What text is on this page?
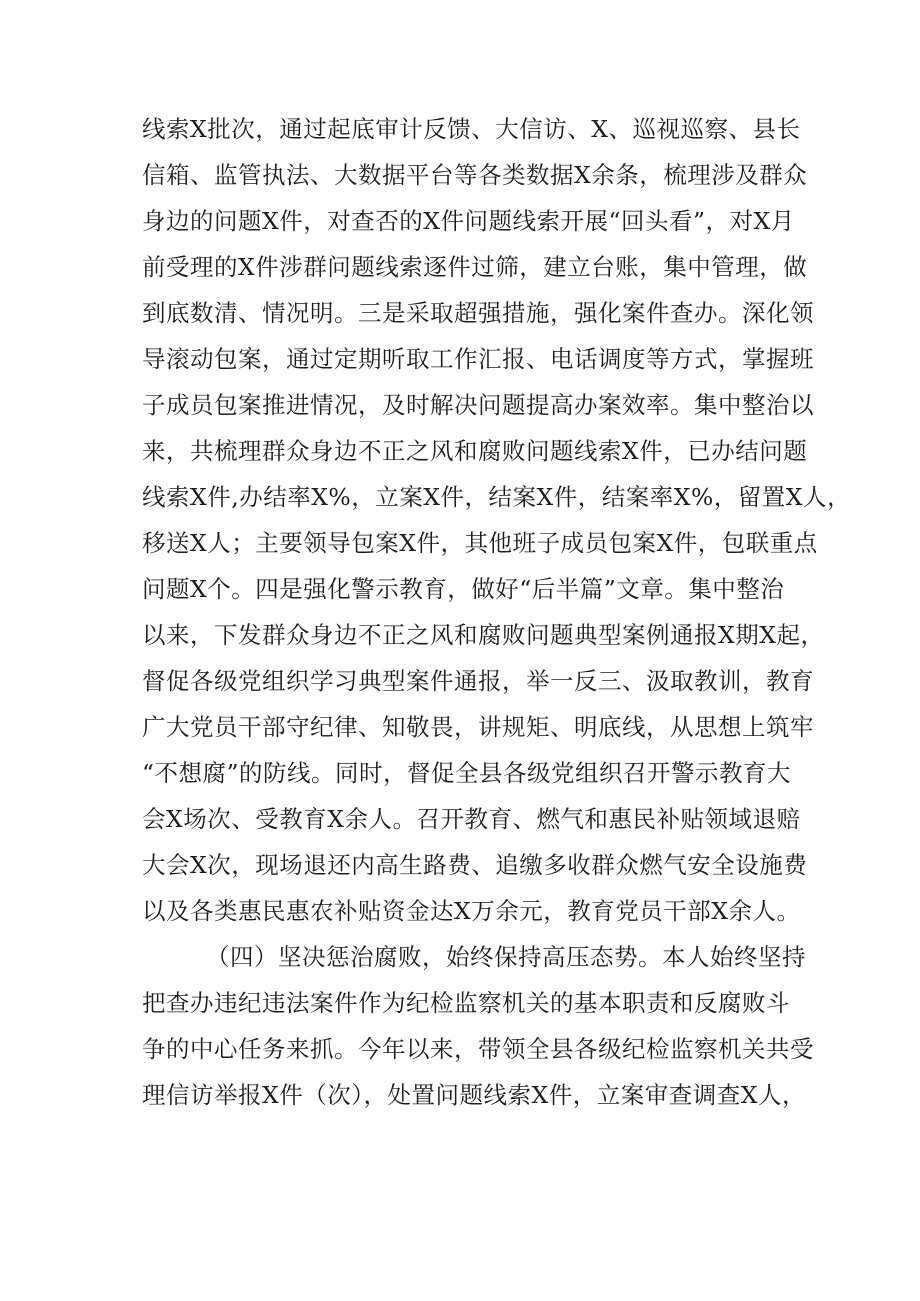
线索X批次，通过起底审计反馈、大信访、X、巡视巡察、县长
信箱、监管执法、大数据平台等各类数据X余条，梳理涉及群众
身边的问题X件，对查否的X件问题线索开展“回头看”，对X月
前受理的X件涉群问题线索逐件过筛，建立台账，集中管理，做
到底数清、情况明。三是采取超强措施，强化案件查办。深化领
导滚动包案，通过定期听取工作汇报、电话调度等方式，掌握班
子成员包案推进情况，及时解决问题提高办案效率。集中整治以
来，共梳理群众身边不正之风和腐败问题线索X件，已办结问题
线索X件,办结率X%，立案X件，结案X件，结案率X%，留置X人，
移送X人；主要领导包案X件，其他班子成员包案X件，包联重点
问题X个。四是强化警示教育，做好“后半篇”文章。集中整治
以来，下发群众身边不正之风和腐败问题典型案例通报X期X起，
督促各级党组织学习典型案件通报，举一反三、汲取教训，教育
广大党员干部守纪律、知敬畏，讲规矩、明底线，从思想上筑牢
“不想腐”的防线。同时，督促全县各级党组织召开警示教育大
会X场次、受教育X余人。召开教育、燃气和惠民补贴领域退赔
大会X次，现场退还内高生路费、追缴多收群众燃气安全设施费
以及各类惠民惠农补贴资金达X万余元，教育党员干部X余人。
（四）坚决惩治腐败，始终保持高压态势。本人始终坚持
把查办违纪违法案件作为纪检监察机关的基本职责和反腐败斗
争的中心任务来抓。今年以来，带领全县各级纪检监察机关共受
理信访举报X件（次），处置问题线索X件，立案审查调查X人，
